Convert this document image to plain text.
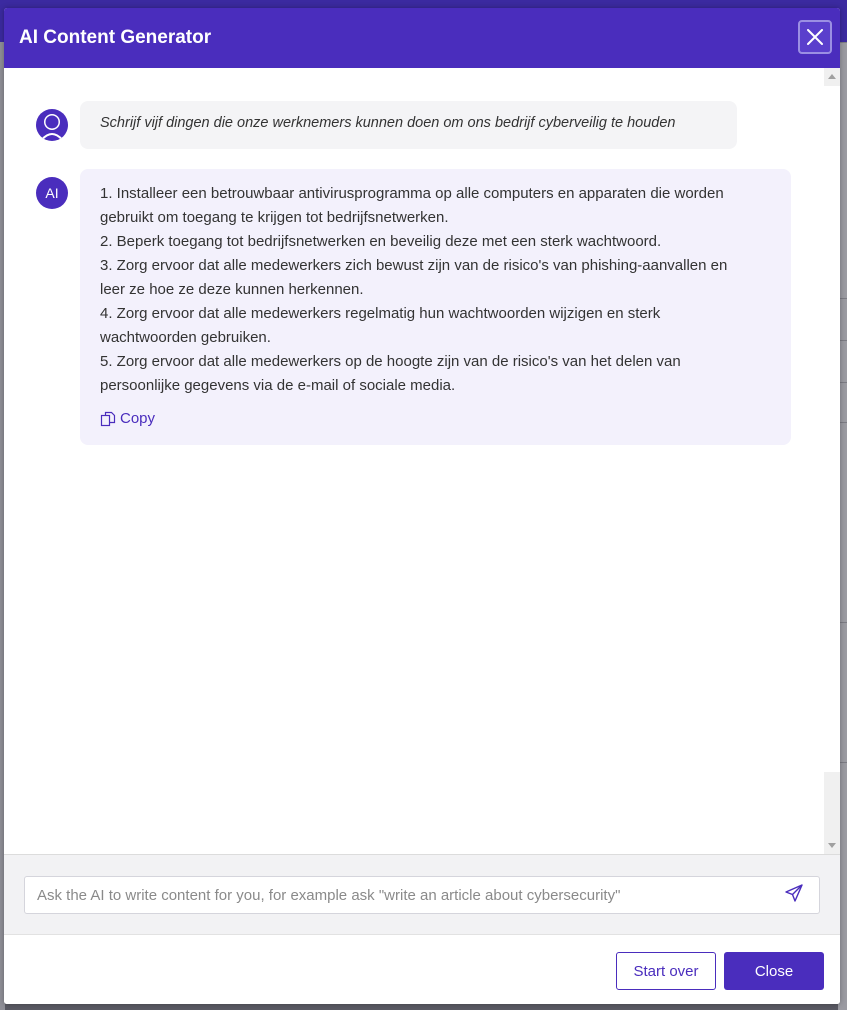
AI Content Generator
Schrijf vijf dingen die onze werknemers kunnen doen om ons bedrijf cyberveilig te houden
AI	1. Installeer een betrouwbaar antivirusprogramma op alle computers en apparaten die worden

gebruikt om toegang te krijgen tot bedrijfsnetwerken.

2. Beperk toegang tot bedrijfsnetwerken en beveilig deze met een sterk wachtwoord.

3. Zorg ervoor dat alle medewerkers zich bewust zijn van de risico's van phishing-aanvallen en

leer ze hoe ze deze kunnen herkennen.

4. Zorg ervoor dat alle medewerkers regelmatig hun wachtwoorden wijzigen en sterk

wachtwoorden gebruiken.

5. Zorg ervoor dat alle medewerkers op de hoogte zijn van de risico's van het delen van

persoonlijke gegevens via de e-mail of sociale media.

Copy
Ask the AI to write content for you, for example ask "write an article about cybersecurity"
Start over	Close
